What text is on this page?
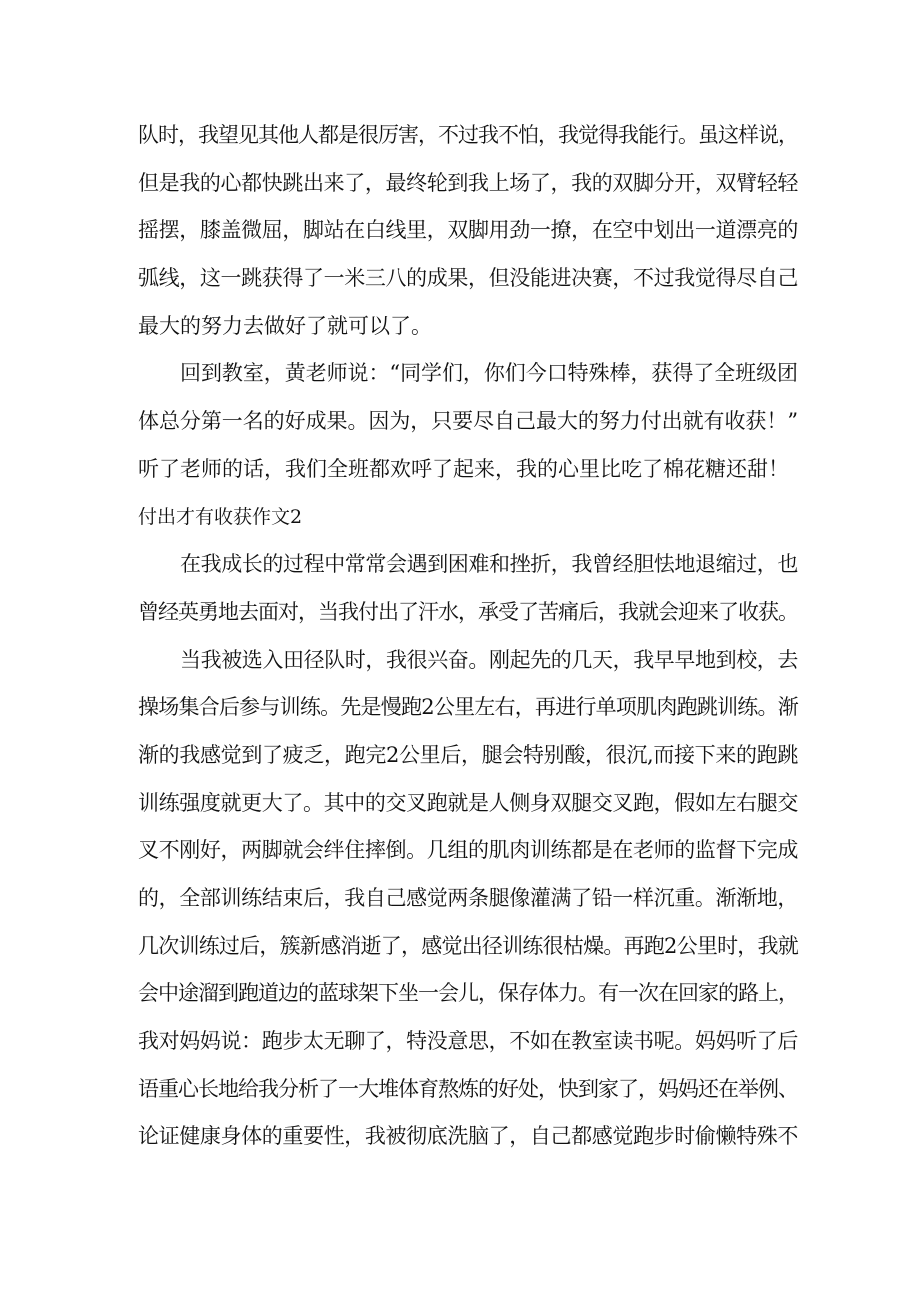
队时，我望见其他人都是很厉害，不过我不怕，我觉得我能行。虽这样说，
但是我的心都快跳出来了，最终轮到我上场了，我的双脚分开，双臂轻轻
摇摆，膝盖微屈，脚站在白线里，双脚用劲一撩，在空中划出一道漂亮的
弧线，这一跳获得了一米三八的成果，但没能进决赛，不过我觉得尽自己
最大的努力去做好了就可以了。
回到教室，黄老师说：“同学们，你们今口特殊棒，获得了全班级团
体总分第一名的好成果。因为，只要尽自己最大的努力付出就有收获！”
听了老师的话，我们全班都欢呼了起来，我的心里比吃了棉花糖还甜！
付出才有收获作文2
在我成长的过程中常常会遇到困难和挫折，我曾经胆怯地退缩过，也
曾经英勇地去面对，当我付出了汗水，承受了苦痛后，我就会迎来了收获。
当我被选入田径队时，我很兴奋。刚起先的几天，我早早地到校，去
操场集合后参与训练。先是慢跑2公里左右，再进行单项肌肉跑跳训练。渐
渐的我感觉到了疲乏，跑完2公里后，腿会特别酸，很沉,而接下来的跑跳
训练强度就更大了。其中的交叉跑就是人侧身双腿交叉跑，假如左右腿交
叉不刚好，两脚就会绊住摔倒。几组的肌肉训练都是在老师的监督下完成
的，全部训练结束后，我自己感觉两条腿像灌满了铅一样沉重。渐渐地，
几次训练过后，簇新感消逝了，感觉出径训练很枯燥。再跑2公里时，我就
会中途溜到跑道边的蓝球架下坐一会儿，保存体力。有一次在回家的路上，
我对妈妈说：跑步太无聊了，特没意思，不如在教室读书呢。妈妈听了后
语重心长地给我分析了一大堆体育熬炼的好处，快到家了，妈妈还在举例、
论证健康身体的重要性，我被彻底洗脑了，自己都感觉跑步时偷懒特殊不
